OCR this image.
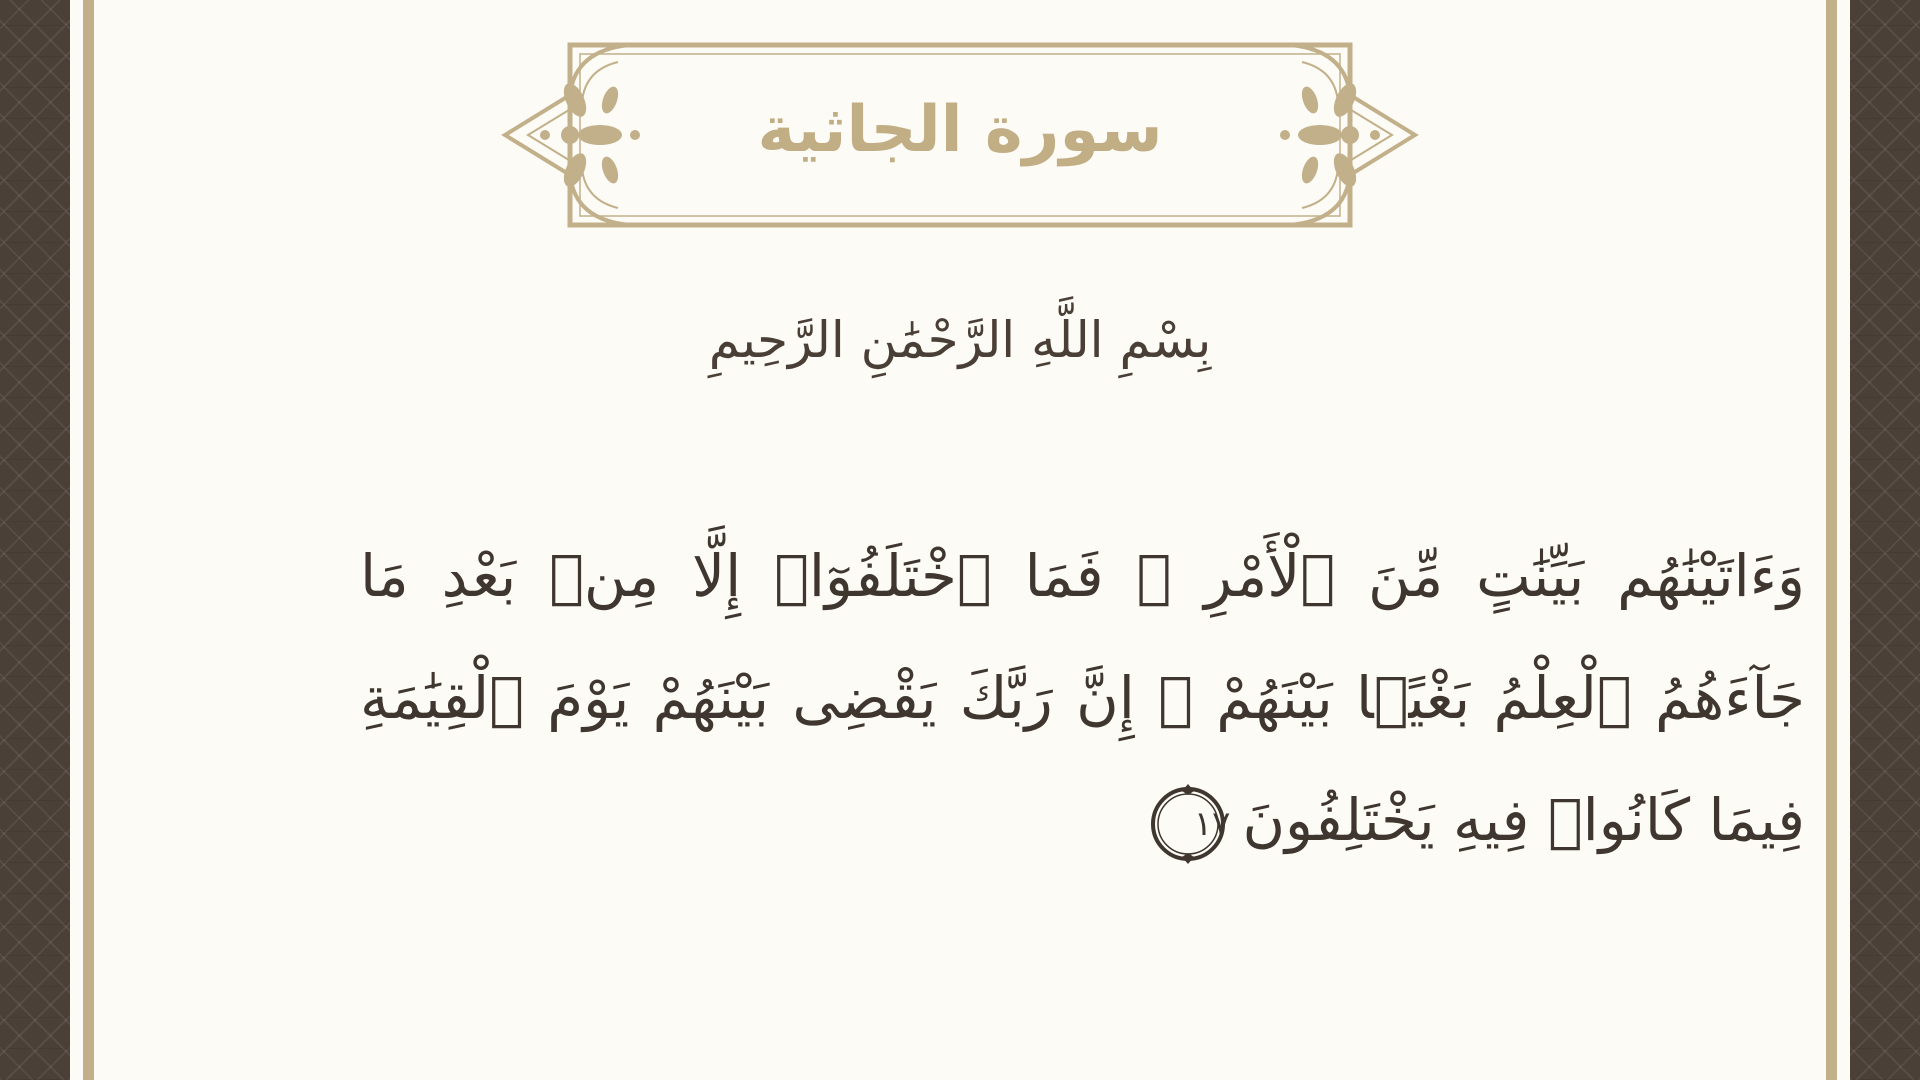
سورة الجاثية
بِسْمِ اللَّهِ الرَّحْمَٰنِ الرَّحِيمِ
وَءَاتَيْنَٰهُم بَيِّنَٰتٍ مِّنَ ٱلْأَمْرِ ۖ فَمَا ٱخْتَلَفُوٓا۟ إِلَّا مِنۢ بَعْدِ مَا جَآءَهُمُ ٱلْعِلْمُ بَغْيًۢا بَيْنَهُمْ ۚ إِنَّ رَبَّكَ يَقْضِى بَيْنَهُمْ يَوْمَ ٱلْقِيَٰمَةِ فِيمَا كَانُوا۟ فِيهِ يَخْتَلِفُونَ
١٧
